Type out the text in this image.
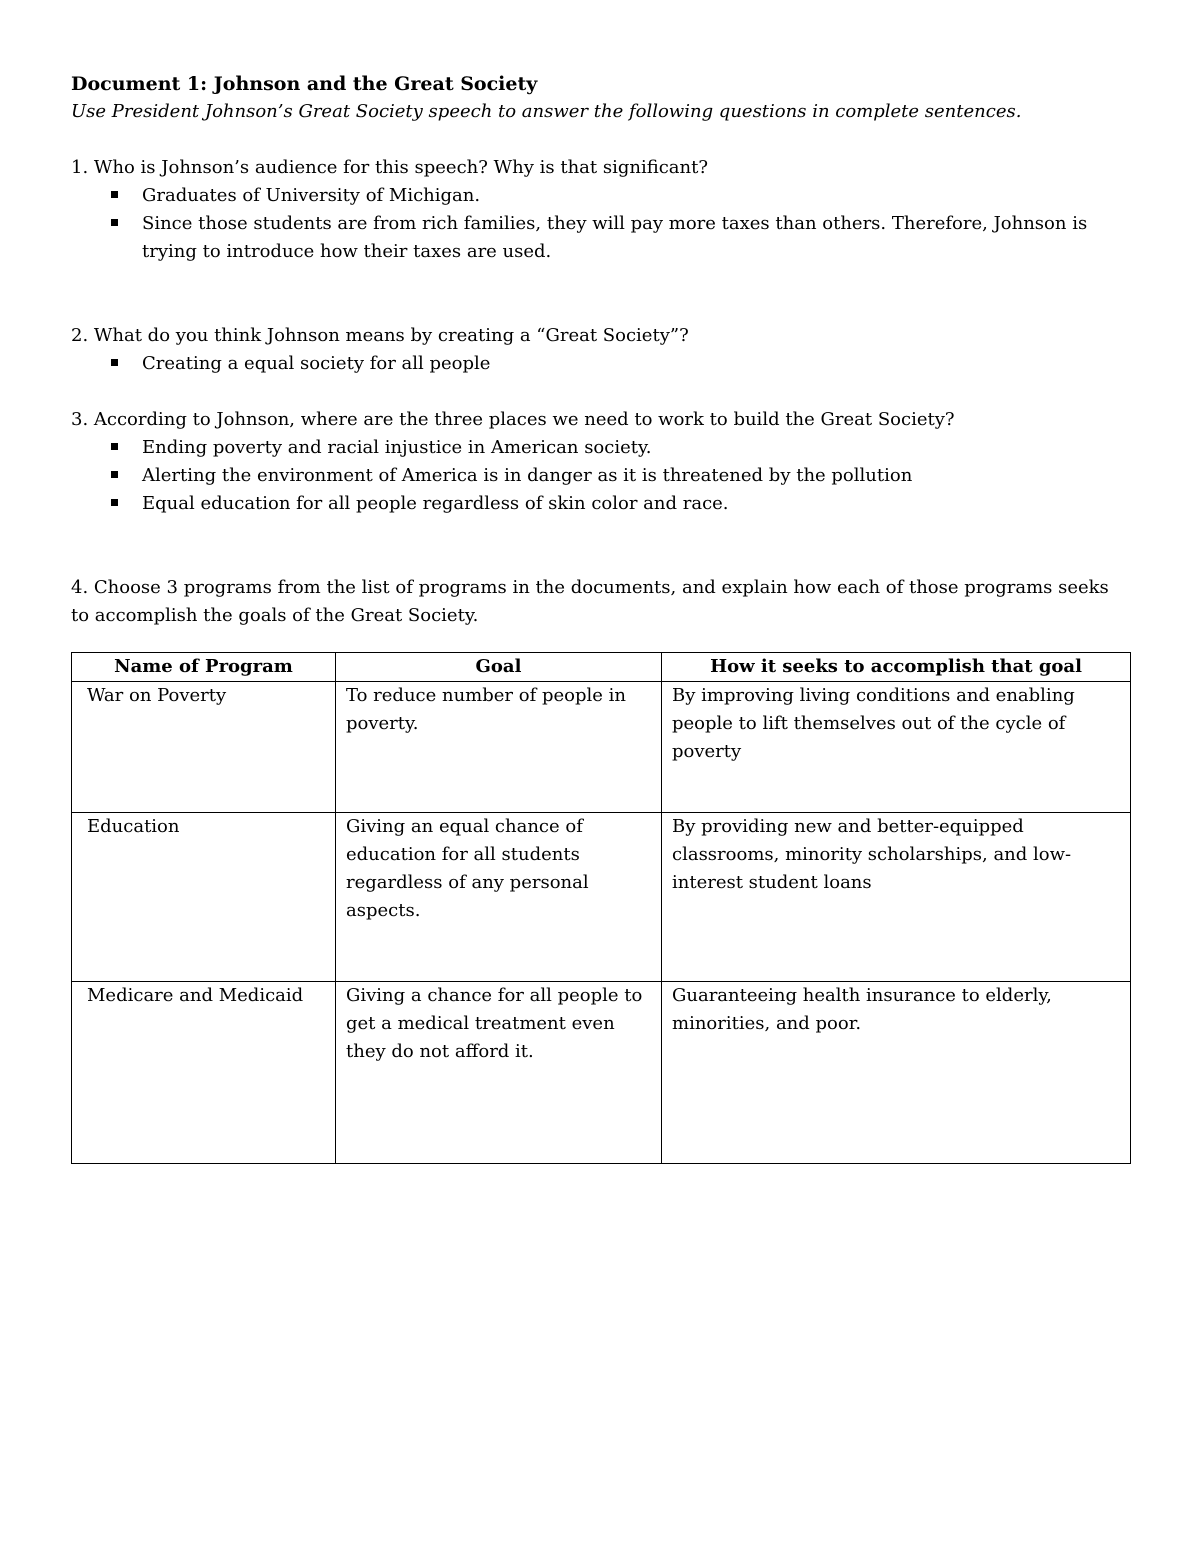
Document 1: Johnson and the Great Society
Use President Johnson’s Great Society speech to answer the following questions in complete sentences.
1. Who is Johnson’s audience for this speech? Why is that significant?
Graduates of University of Michigan.
Since those students are from rich families, they will pay more taxes than others. Therefore, Johnson is trying to introduce how their taxes are used.
2. What do you think Johnson means by creating a “Great Society”?
Creating a equal society for all people
3. According to Johnson, where are the three places we need to work to build the Great Society?
Ending poverty and racial injustice in American society.
Alerting the environment of America is in danger as it is threatened by the pollution
Equal education for all people regardless of skin color and race.
4. Choose 3 programs from the list of programs in the documents, and explain how each of those programs seeks to accomplish the goals of the Great Society.
Name of Program	Goal	How it seeks to accomplish that goal
War on Poverty	To reduce number of people in poverty.	By improving living conditions and enabling people to lift themselves out of the cycle of poverty
Education	Giving an equal chance of education for all students regardless of any personal aspects.	By providing new and better-equipped classrooms, minority scholarships, and low-interest student loans
Medicare and Medicaid	Giving a chance for all people to get a medical treatment even they do not afford it.	Guaranteeing health insurance to elderly, minorities, and poor.
